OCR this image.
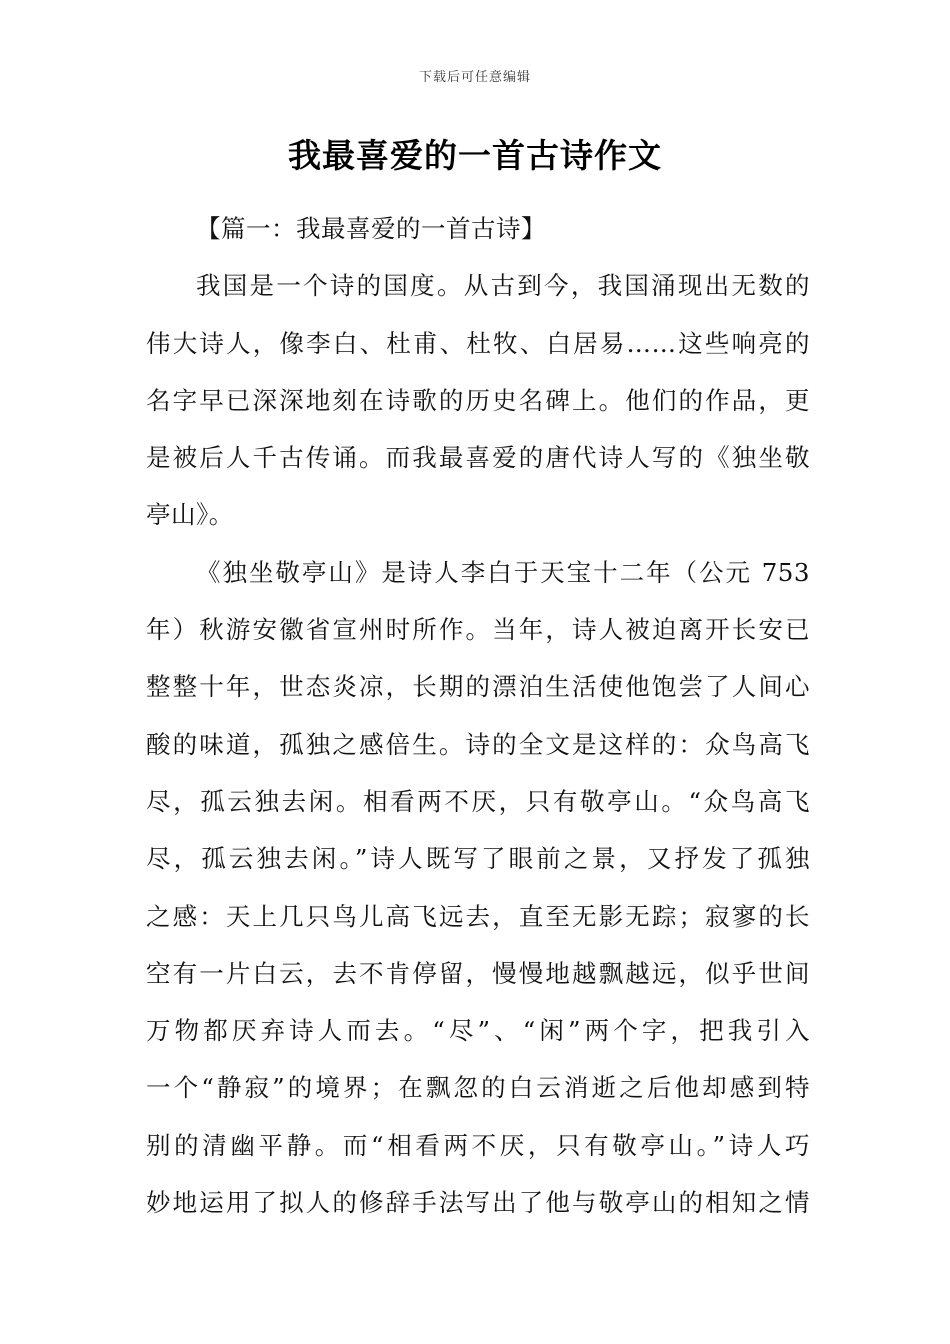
下载后可任意编辑
我最喜爱的一首古诗作文
【篇一：我最喜爱的一首古诗】
我国是一个诗的国度。从古到今，我国涌现出无数的
伟大诗人，像李白、杜甫、杜牧、白居易……这些响亮的
名字早已深深地刻在诗歌的历史名碑上。他们的作品，更
是被后人千古传诵。而我最喜爱的唐代诗人写的《独坐敬
亭山》。
《独坐敬亭山》是诗人李白于天宝十二年（公元 753
年）秋游安徽省宣州时所作。当年，诗人被迫离开长安已
整整十年，世态炎凉，长期的漂泊生活使他饱尝了人间心
酸的味道，孤独之感倍生。诗的全文是这样的：众鸟高飞
尽，孤云独去闲。相看两不厌，只有敬亭山。“众鸟高飞
尽，孤云独去闲。”诗人既写了眼前之景，又抒发了孤独
之感：天上几只鸟儿高飞远去，直至无影无踪；寂寥的长
空有一片白云，去不肯停留，慢慢地越飘越远，似乎世间
万物都厌弃诗人而去。“尽”、“闲”两个字，把我引入
一个“静寂”的境界；在飘忽的白云消逝之后他却感到特
别的清幽平静。而“相看两不厌，只有敬亭山。”诗人巧
妙地运用了拟人的修辞手法写出了他与敬亭山的相知之情
